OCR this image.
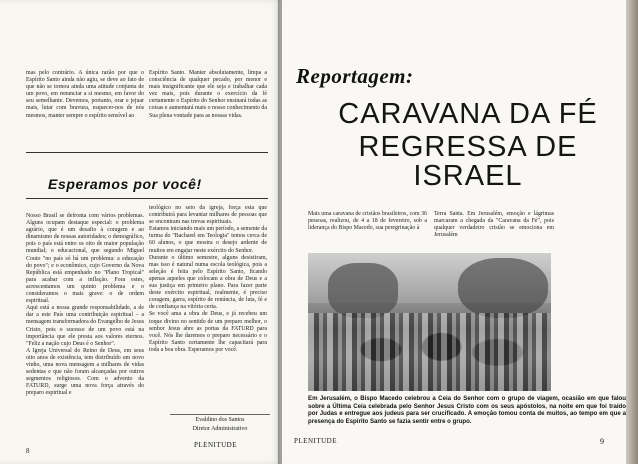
mas pelo contrário. A única razão por que o Espírito Santo ainda não agiu, se deve ao fato de que não se tornou ainda uma atitude conjunta de um povo, em renunciar a si mesmo, em favor do seu semelhante. Devemos, portanto, orar e jejuar mais, lutar com bravura, esquecer-nos de nós mesmos, manter sempre o espírito sensível ao
Espírito Santo. Manter absolutamente, limpa a consciência de qualquer pecado, por menor e mais insignificante que ele seja e trabalhar cada vez mais, pois durante o exercício da fé certamente o Espírito do Senhor ensinará todas as coisas e aumentará mais o nosso conhecimento da Sua plena vontade para as nossas vidas.
Esperamos por você!
Nosso Brasil se defronta com vários problemas. Alguns ocupam destaque especial: o problema agrário, que é um desafio à coragem e ao dinamismo de nossas autoridades; o demográfico, pois o país está entre os oito de maior população mundial; o educacional, que segundo Miguel Couto "no país só há um problema: a educação do povo"; e o econômico, cujo Governo da Nova República está empenhado no "Plano Tropical" para acabar com a inflação. Fora estes, acrescentamos um quinto problema e o consideramos o mais grave: o de ordem espiritual.
Aqui está a nossa grande responsabilidade, a de dar a este País uma contribuição espiritual – a mensagem transformadora do Evangelho de Jesus Cristo, pois o sucesso de um povo está na importância que ele presta aos valores eternos. "Feliz a nação cujo Deus é o Senhor".
A Igreja Universal do Reino de Deus, em seus oito anos de existência, tem distribuído um novo vinho, uma nova mensagem a milhares de vidas sedentas e que não foram alcançadas por outros segmentos religiosos. Com o advento da FATURD, surge uma nova força através do preparo espiritual e
teológico no seio da igreja, força esta que contribuirá para levantar milhares de pessoas que se encontram nas trevas espirituais.
Estamos iniciando mais um período, a semente da turma do "Bacharel em Teologia" temos cerca de 60 alunos, o que mostra o desejo ardente de muitos em engajar neste exército do Senhor.
Durante o último semestre, alguns desistiram, mas isso é natural numa escola teológica, pois a seleção é feita pelo Espírito Santo, ficando apenas aqueles que colocam a obra de Deus e a sua justiça em primeiro plano. Para fazer parte deste exército espiritual, realmente, é preciso coragem, garra, espírito de renúncia, de luta, fé e de confiança na vitória certa.
Se você ama a obra de Deus, e já recebeu um toque divino no sentido de um preparo melhor, o senhor Jesus abre as portas da FATURD para você. Nós lhe daremos o preparo necessário e o Espírito Santo certamente lhe capacitará para toda a boa obra. Esperamos por você.
Evaldino dos Santos
Diretor Administrativo
8
PLENITUDE
Reportagem:
CARAVANA DA FÉ
REGRESSA DE
ISRAEL
Mais uma caravana de cristãos brasileiros, com 36 pessoas, realizou, de 4 a 18 de fevereiro, sob a liderança do Bispo Macedo, sua peregrinação à
Terra Santa. Em Jerusalém, emoção e lágrimas marcaram a chegada da "Caravana da Fé", pois qualquer verdadeiro cristão se emociona em Jerusalém
Em Jerusalém, o Bispo Macedo celebrou a Ceia do Senhor com o grupo de viagem, ocasião em que falou sobre a Última Ceia celebrada pelo Senhor Jesus Cristo com os seus apóstolos, na noite em que foi traído por Judas e entregue aos judeus para ser crucificado. A emoção tomou conta de muitos, ao tempo em que a presença do Espírito Santo se fazia sentir entre o grupo.
PLENITUDE	9
